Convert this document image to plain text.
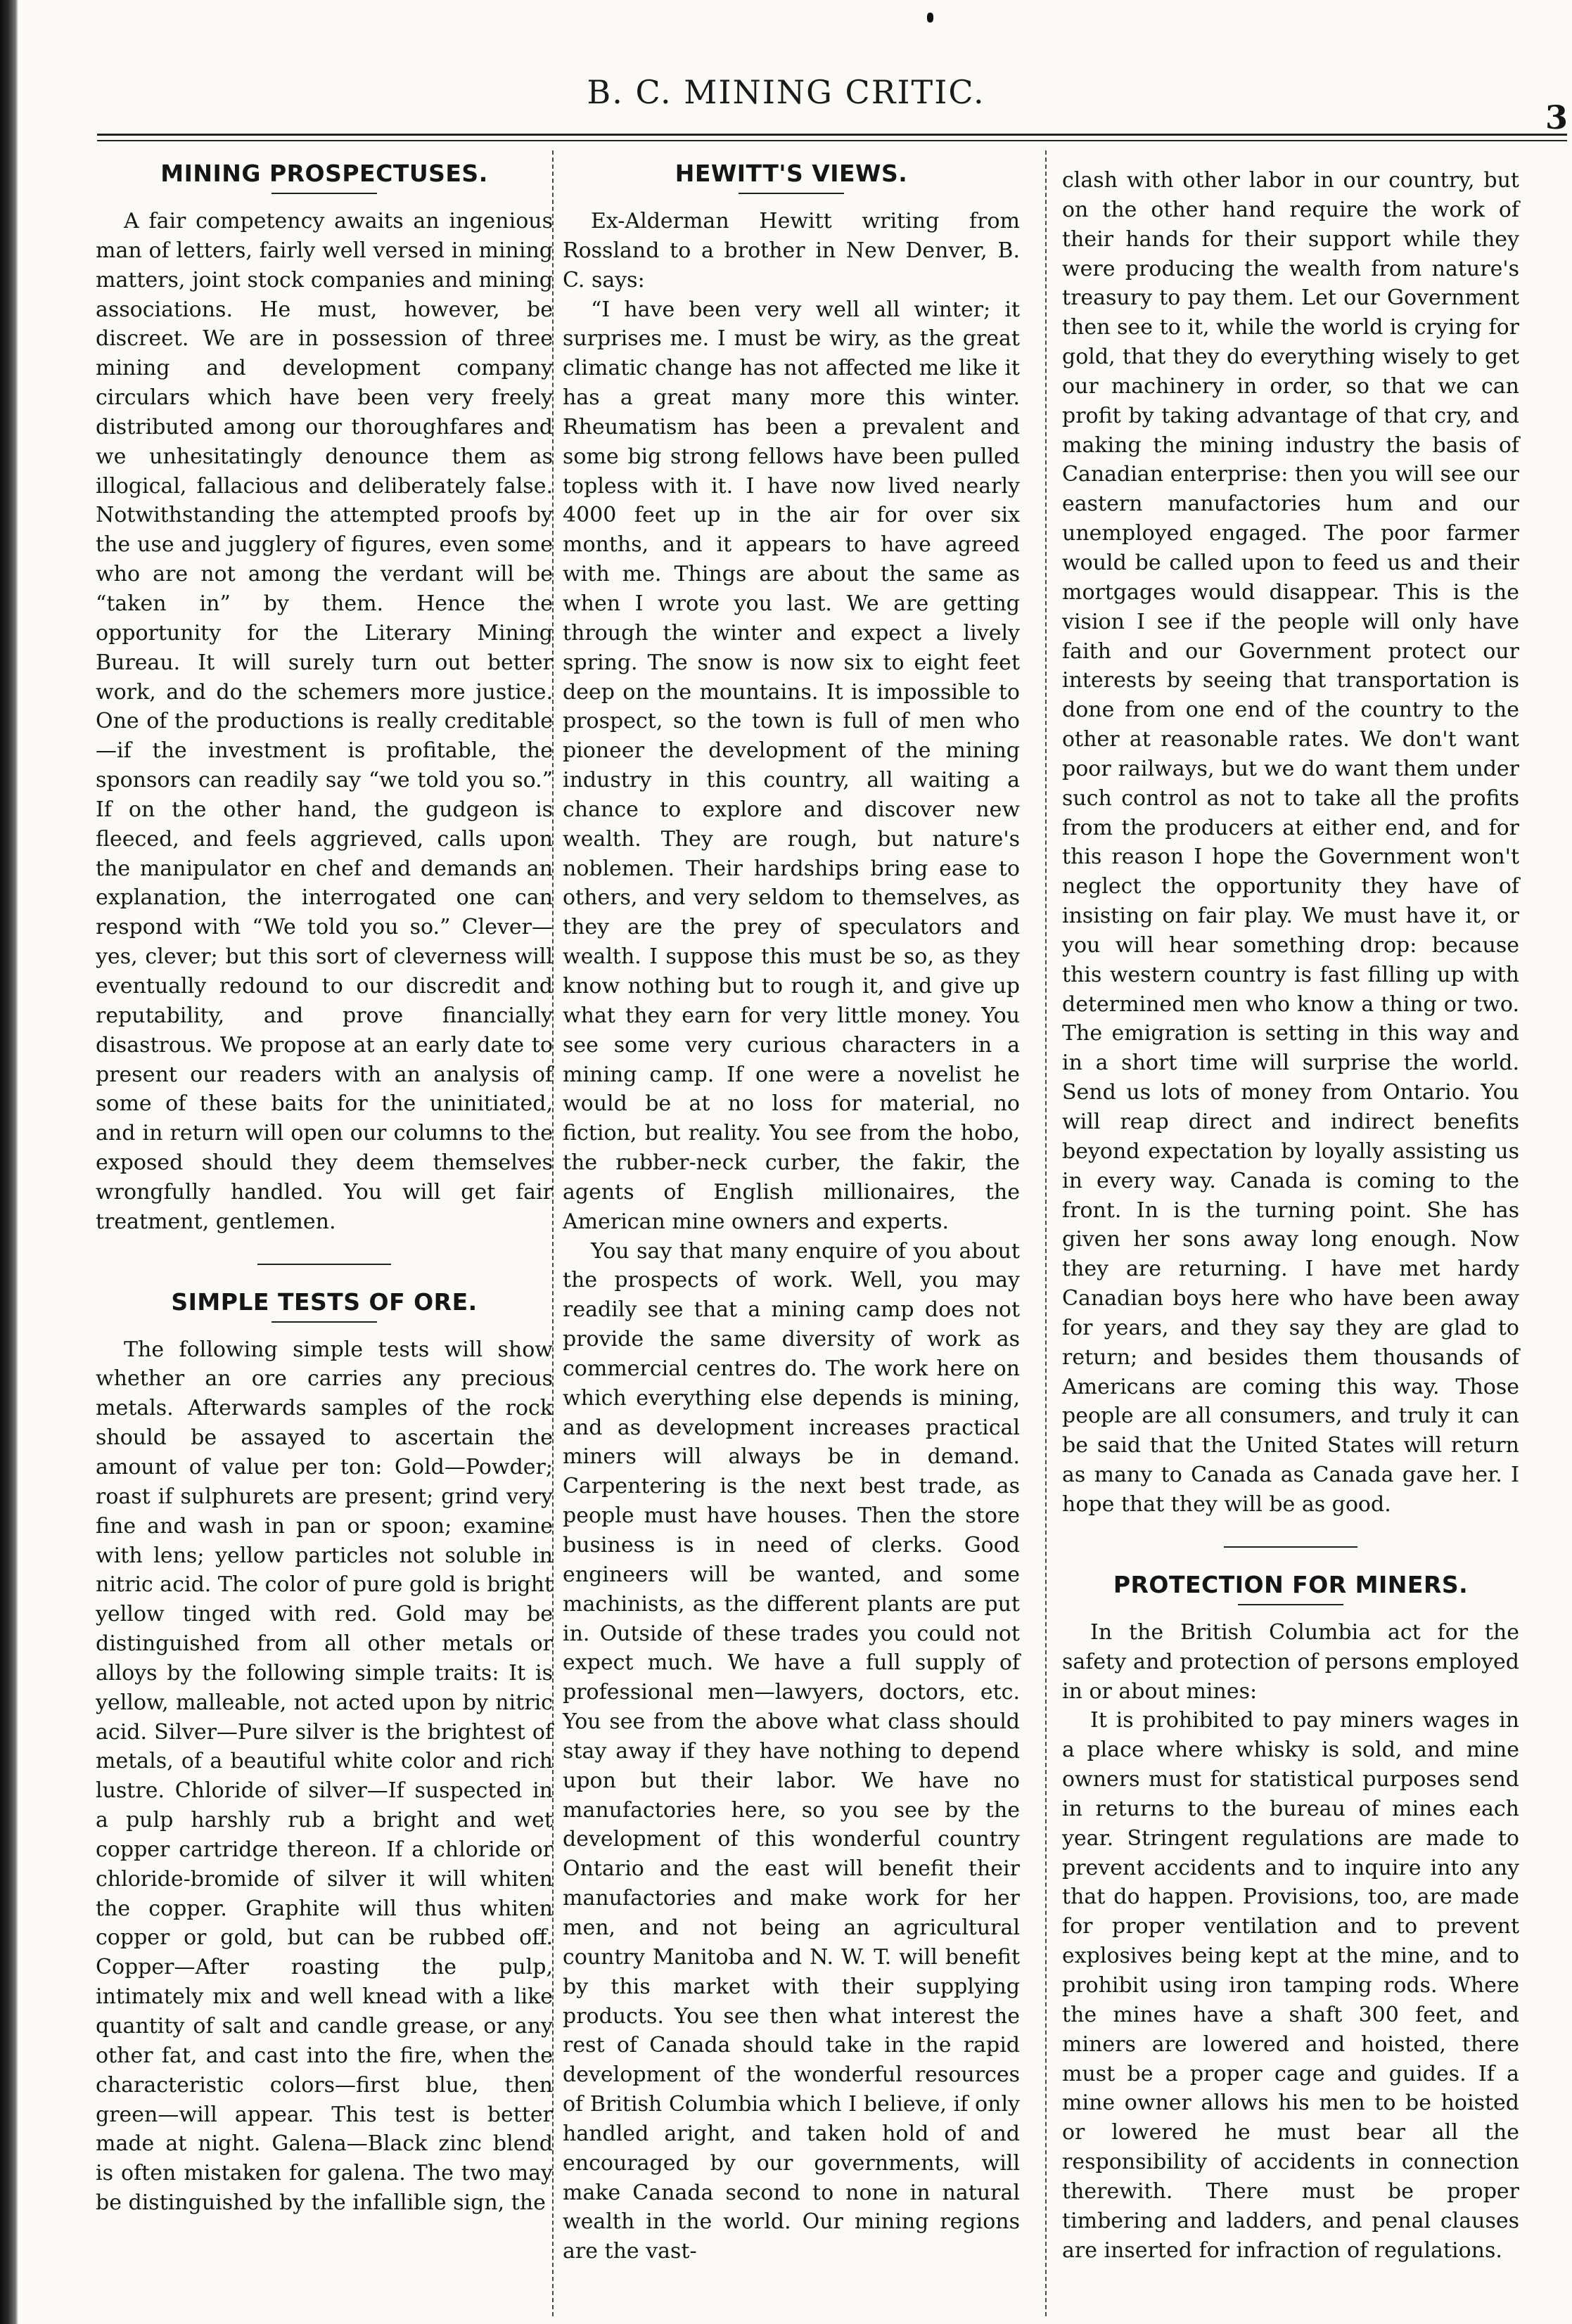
B. C. MINING CRITIC.
3
MINING PROSPECTUSES.

A fair competency awaits an ingenious man of letters, fairly well versed in mining matters, joint stock companies and mining associations. He must, however, be discreet. We are in possession of three mining and development company circulars which have been very freely distributed among our thoroughfares and we unhesitatingly denounce them as illogical, fallacious and deliberately false. Notwithstanding the attempted proofs by the use and jugglery of figures, even some who are not among the verdant will be “taken in” by them. Hence the opportunity for the Literary Mining Bureau. It will surely turn out better work, and do the schemers more justice. One of the productions is really creditable—if the investment is profitable, the sponsors can readily say “we told you so.” If on the other hand, the gudgeon is fleeced, and feels aggrieved, calls upon the manipulator en chef and demands an explanation, the interrogated one can respond with “We told you so.” Clever—yes, clever; but this sort of cleverness will eventually redound to our discredit and reputability, and prove financially disastrous. We propose at an early date to present our readers with an analysis of some of these baits for the uninitiated, and in return will open our columns to the exposed should they deem themselves wrongfully handled. You will get fair treatment, gentlemen.

SIMPLE TESTS OF ORE.

The following simple tests will show whether an ore carries any precious metals. Afterwards samples of the rock should be assayed to ascertain the amount of value per ton: Gold—Powder; roast if sulphurets are present; grind very fine and wash in pan or spoon; examine with lens; yellow particles not soluble in nitric acid. The color of pure gold is bright yellow tinged with red. Gold may be distinguished from all other metals or alloys by the following simple traits: It is yellow, malleable, not acted upon by nitric acid. Silver—Pure silver is the brightest of metals, of a beautiful white color and rich lustre. Chloride of silver—If suspected in a pulp harshly rub a bright and wet copper cartridge thereon. If a chloride or chloride-bromide of silver it will whiten the copper. Graphite will thus whiten copper or gold, but can be rubbed off. Copper—After roasting the pulp, intimately mix and well knead with a like quantity of salt and candle grease, or any other fat, and cast into the fire, when the characteristic colors—first blue, then green—will appear. This test is better made at night. Galena—Black zinc blend is often mistaken for galena. The two may be distinguished by the infallible sign, the

HEWITT'S VIEWS.

Ex-Alderman Hewitt writing from Rossland to a brother in New Denver, B. C. says:

“I have been very well all winter; it surprises me. I must be wiry, as the great climatic change has not affected me like it has a great many more this winter. Rheumatism has been a prevalent and some big strong fellows have been pulled topless with it. I have now lived nearly 4000 feet up in the air for over six months, and it appears to have agreed with me. Things are about the same as when I wrote you last. We are getting through the winter and expect a lively spring. The snow is now six to eight feet deep on the mountains. It is impossible to prospect, so the town is full of men who pioneer the development of the mining industry in this country, all waiting a chance to explore and discover new wealth. They are rough, but nature's noblemen. Their hardships bring ease to others, and very seldom to themselves, as they are the prey of speculators and wealth. I suppose this must be so, as they know nothing but to rough it, and give up what they earn for very little money. You see some very curious characters in a mining camp. If one were a novelist he would be at no loss for material, no fiction, but reality. You see from the hobo, the rubber-neck curber, the fakir, the agents of English millionaires, the American mine owners and experts.

You say that many enquire of you about the prospects of work. Well, you may readily see that a mining camp does not provide the same diversity of work as commercial centres do. The work here on which everything else depends is mining, and as development increases practical miners will always be in demand. Carpentering is the next best trade, as people must have houses. Then the store business is in need of clerks. Good engineers will be wanted, and some machinists, as the different plants are put in. Outside of these trades you could not expect much. We have a full supply of professional men—lawyers, doctors, etc. You see from the above what class should stay away if they have nothing to depend upon but their labor. We have no manufactories here, so you see by the development of this wonderful country Ontario and the east will benefit their manufactories and make work for her men, and not being an agricultural country Manitoba and N. W. T. will benefit by this market with their supplying products. You see then what interest the rest of Canada should take in the rapid development of the wonderful resources of British Columbia which I believe, if only handled aright, and taken hold of and encouraged by our governments, will make Canada second to none in natural wealth in the world. Our mining regions are the vast-

clash with other labor in our country, but on the other hand require the work of their hands for their support while they were producing the wealth from nature's treasury to pay them. Let our Government then see to it, while the world is crying for gold, that they do everything wisely to get our machinery in order, so that we can profit by taking advantage of that cry, and making the mining industry the basis of Canadian enterprise: then you will see our eastern manufactories hum and our unemployed engaged. The poor farmer would be called upon to feed us and their mortgages would disappear. This is the vision I see if the people will only have faith and our Government protect our interests by seeing that transportation is done from one end of the country to the other at reasonable rates. We don't want poor railways, but we do want them under such control as not to take all the profits from the producers at either end, and for this reason I hope the Government won't neglect the opportunity they have of insisting on fair play. We must have it, or you will hear something drop: because this western country is fast filling up with determined men who know a thing or two. The emigration is setting in this way and in a short time will surprise the world. Send us lots of money from Ontario. You will reap direct and indirect benefits beyond expectation by loyally assisting us in every way. Canada is coming to the front. In is the turning point. She has given her sons away long enough. Now they are returning. I have met hardy Canadian boys here who have been away for years, and they say they are glad to return; and besides them thousands of Americans are coming this way. Those people are all consumers, and truly it can be said that the United States will return as many to Canada as Canada gave her. I hope that they will be as good.

PROTECTION FOR MINERS.

In the British Columbia act for the safety and protection of persons employed in or about mines:

It is prohibited to pay miners wages in a place where whisky is sold, and mine owners must for statistical purposes send in returns to the bureau of mines each year. Stringent regulations are made to prevent accidents and to inquire into any that do happen. Provisions, too, are made for proper ventilation and to prevent explosives being kept at the mine, and to prohibit using iron tamping rods. Where the mines have a shaft 300 feet, and miners are lowered and hoisted, there must be a proper cage and guides. If a mine owner allows his men to be hoisted or lowered he must bear all the responsibility of accidents in connection therewith. There must be proper timbering and ladders, and penal clauses are inserted for infraction of regulations.
